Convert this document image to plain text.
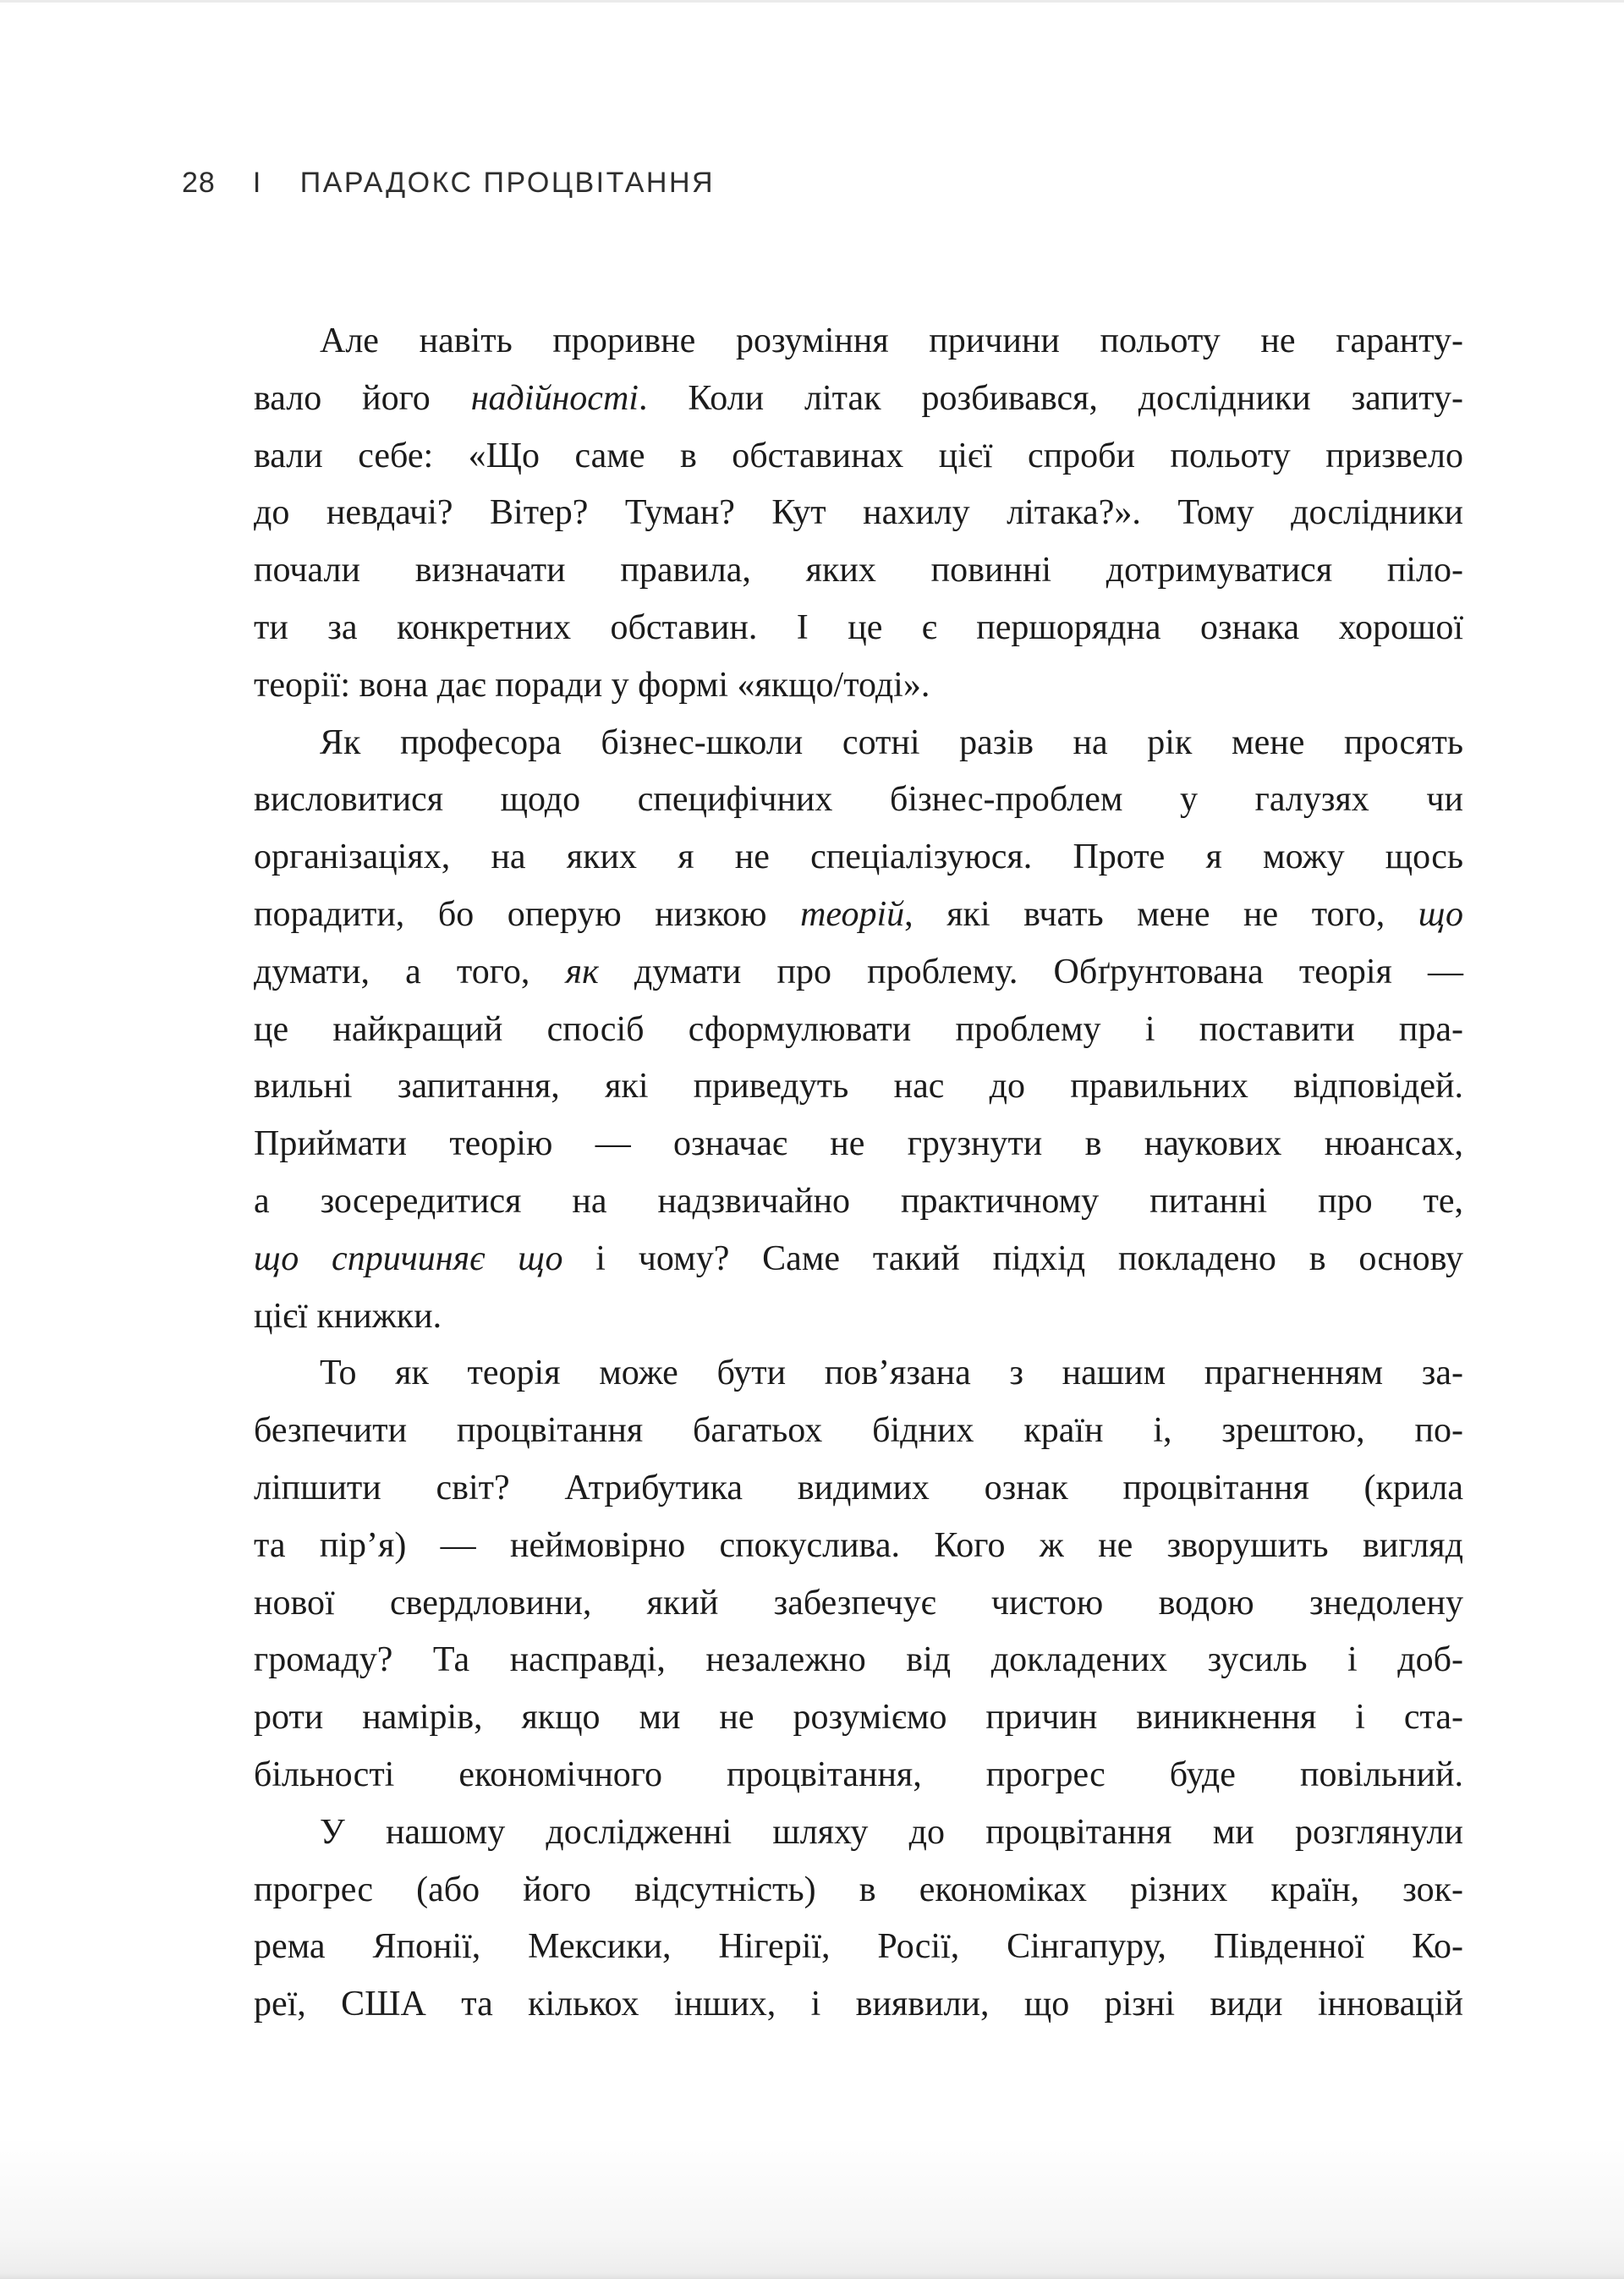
28 І ПАРАДОКС ПРОЦВІТАННЯ
Але навіть проривне розуміння причини польоту не гаранту-
вало його надійності. Коли літак розбивався, дослідники запиту-
вали себе: «Що саме в обставинах цієї спроби польоту призвело
до невдачі? Вітер? Туман? Кут нахилу літака?». Тому дослідники
почали визначати правила, яких повинні дотримуватися піло-
ти за конкретних обставин. І це є першорядна ознака хорошої
теорії: вона дає поради у формі «якщо/тоді».
Як професора бізнес-школи сотні разів на рік мене просять
висловитися щодо специфічних бізнес-проблем у галузях чи
організаціях, на яких я не спеціалізуюся. Проте я можу щось
порадити, бо оперую низкою теорій, які вчать мене не того, що
думати, а того, як думати про проблему. Обґрунтована теорія —
це найкращий спосіб сформулювати проблему і поставити пра-
вильні запитання, які приведуть нас до правильних відповідей.
Приймати теорію — означає не грузнути в наукових нюансах,
а зосередитися на надзвичайно практичному питанні про те,
що спричиняє що і чому? Саме такий підхід покладено в основу
цієї книжки.
То як теорія може бути пов’язана з нашим прагненням за-
безпечити процвітання багатьох бідних країн і, зрештою, по-
ліпшити світ? Атрибутика видимих ознак процвітання (крила
та пір’я) — неймовірно спокуслива. Кого ж не зворушить вигляд
нової свердловини, який забезпечує чистою водою знедолену
громаду? Та насправді, незалежно від докладених зусиль і доб-
роти намірів, якщо ми не розуміємо причин виникнення і ста-
більності економічного процвітання, прогрес буде повільний.
У нашому дослідженні шляху до процвітання ми розглянули
прогрес (або його відсутність) в економіках різних країн, зок-
рема Японії, Мексики, Нігерії, Росії, Сінгапуру, Південної Ко-
реї, США та кількох інших, і виявили, що різні види інновацій
